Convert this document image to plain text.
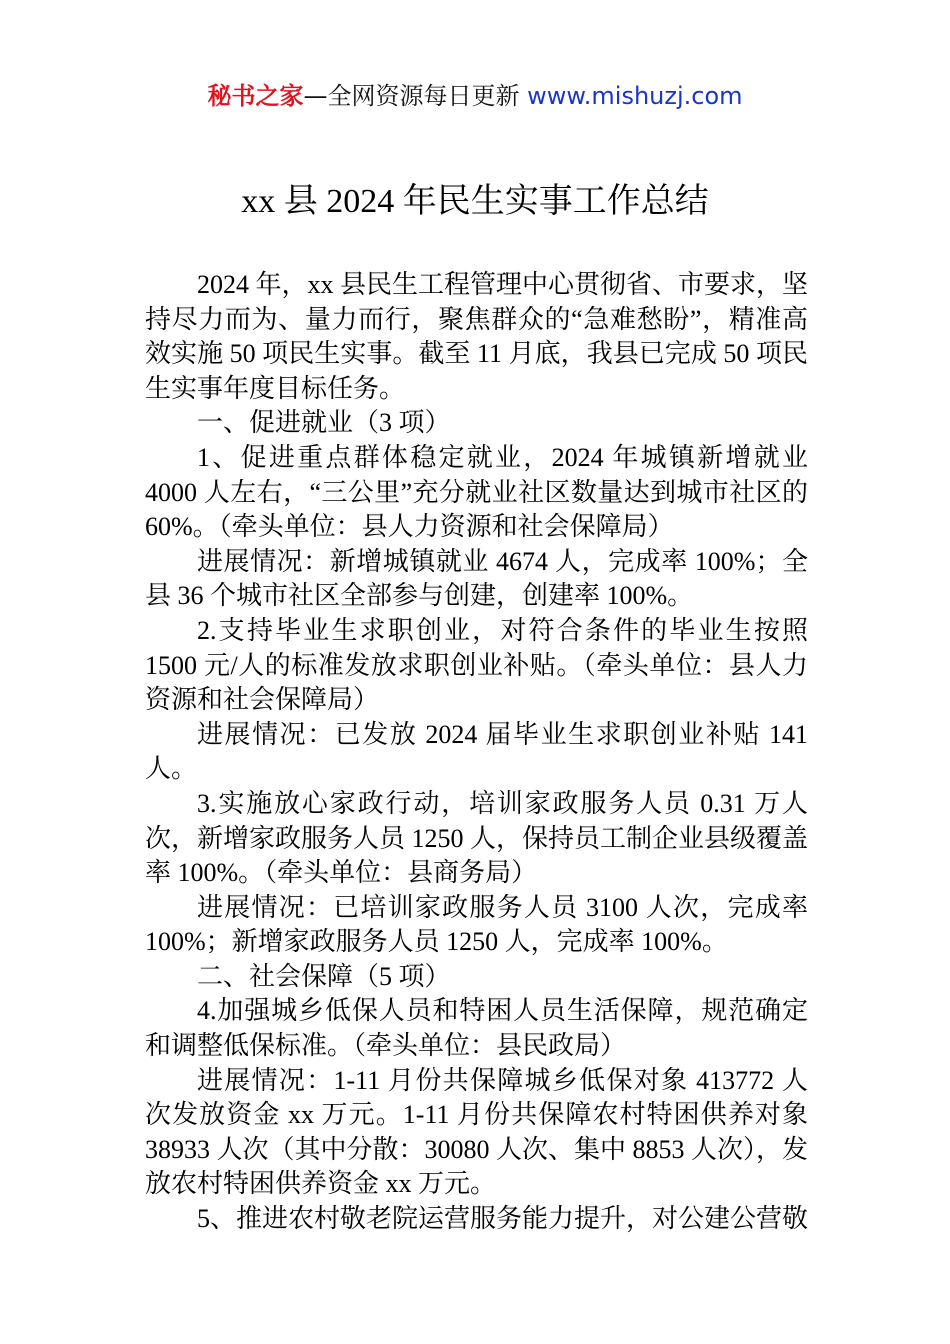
秘书之家—全网资源每日更新 www.mishuzj.com
xx 县 2024 年民生实事工作总结

2024 年，xx 县民生工程管理中心贯彻省、市要求，坚持尽力而为、量力而行，聚焦群众的“急难愁盼”，精准高效实施 50 项民生实事。截至 11 月底，我县已完成 50 项民生实事年度目标任务。

一、促进就业（3 项）

1、促进重点群体稳定就业，2024 年城镇新增就业 4000 人左右，“三公里”充分就业社区数量达到城市社区的 60%。（牵头单位：县人力资源和社会保障局）

进展情况：新增城镇就业 4674 人，完成率 100%；全县 36 个城市社区全部参与创建，创建率 100%。

2.支持毕业生求职创业，对符合条件的毕业生按照 1500 元/人的标准发放求职创业补贴。（牵头单位：县人力资源和社会保障局）

进展情况：已发放 2024 届毕业生求职创业补贴 141 人。

3.实施放心家政行动，培训家政服务人员 0.31 万人次，新增家政服务人员 1250 人，保持员工制企业县级覆盖率 100%。（牵头单位：县商务局）

进展情况：已培训家政服务人员 3100 人次，完成率 100%；新增家政服务人员 1250 人，完成率 100%。

二、社会保障（5 项）

4.加强城乡低保人员和特困人员生活保障，规范确定和调整低保标准。（牵头单位：县民政局）

进展情况：1-11 月份共保障城乡低保对象 413772 人次发放资金 xx 万元。1-11 月份共保障农村特困供养对象 38933 人次（其中分散：30080 人次、集中 8853 人次），发放农村特困供养资金 xx 万元。

5、推进农村敬老院运营服务能力提升，对公建公营敬
